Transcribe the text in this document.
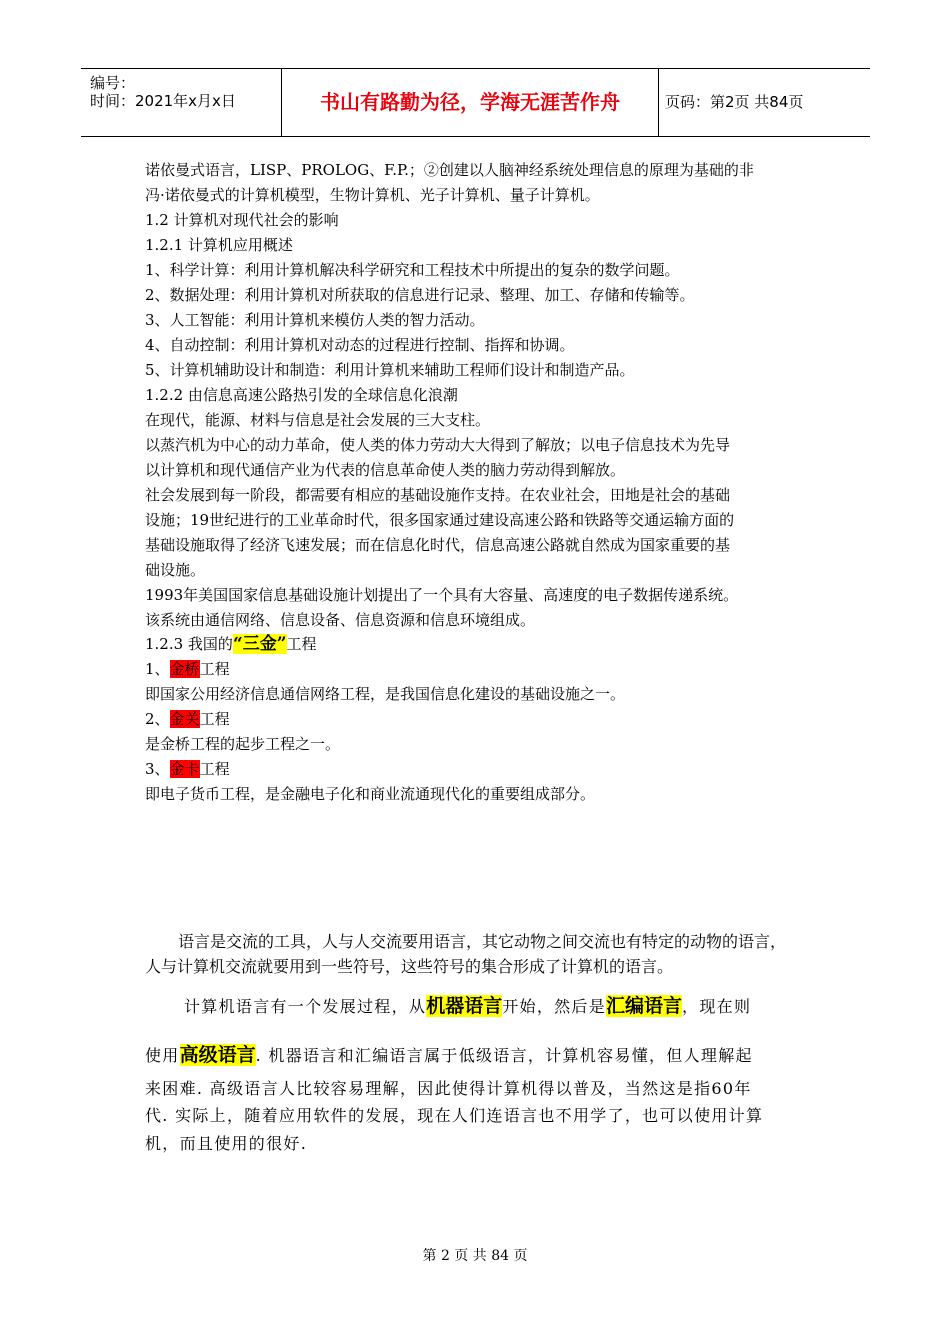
编号：
时间：2021年x月x日	书山有路勤为径，学海无涯苦作舟	页码：第2页 共84页
诺依曼式语言，LISP、PROLOG、F.P.；②创建以人脑神经系统处理信息的原理为基础的非
冯·诺依曼式的计算机模型，生物计算机、光子计算机、量子计算机。
1.2 计算机对现代社会的影响
1.2.1 计算机应用概述
1、科学计算：利用计算机解决科学研究和工程技术中所提出的复杂的数学问题。
2、数据处理：利用计算机对所获取的信息进行记录、整理、加工、存储和传输等。
3、人工智能：利用计算机来模仿人类的智力活动。
4、自动控制：利用计算机对动态的过程进行控制、指挥和协调。
5、计算机辅助设计和制造：利用计算机来辅助工程师们设计和制造产品。
1.2.2 由信息高速公路热引发的全球信息化浪潮
在现代，能源、材料与信息是社会发展的三大支柱。
以蒸汽机为中心的动力革命，使人类的体力劳动大大得到了解放；以电子信息技术为先导
以计算机和现代通信产业为代表的信息革命使人类的脑力劳动得到解放。
社会发展到每一阶段，都需要有相应的基础设施作支持。在农业社会，田地是社会的基础
设施；19世纪进行的工业革命时代，很多国家通过建设高速公路和铁路等交通运输方面的
基础设施取得了经济飞速发展；而在信息化时代，信息高速公路就自然成为国家重要的基
础设施。
1993年美国国家信息基础设施计划提出了一个具有大容量、高速度的电子数据传递系统。
该系统由通信网络、信息设备、信息资源和信息环境组成。
1.2.3 我国的“三金”工程
1、金桥工程
即国家公用经济信息通信网络工程，是我国信息化建设的基础设施之一。
2、金关工程
是金桥工程的起步工程之一。
3、金卡工程
即电子货币工程，是金融电子化和商业流通现代化的重要组成部分。
语言是交流的工具，人与人交流要用语言，其它动物之间交流也有特定的动物的语言，
人与计算机交流就要用到一些符号，这些符号的集合形成了计算机的语言。
计算机语言有一个发展过程，从机器语言开始，然后是汇编语言，现在则
使用高级语言. 机器语言和汇编语言属于低级语言，计算机容易懂，但人理解起
来困难. 高级语言人比较容易理解，因此使得计算机得以普及，当然这是指60年
代. 实际上，随着应用软件的发展，现在人们连语言也不用学了，也可以使用计算
机，而且使用的很好.
第 2 页 共 84 页
